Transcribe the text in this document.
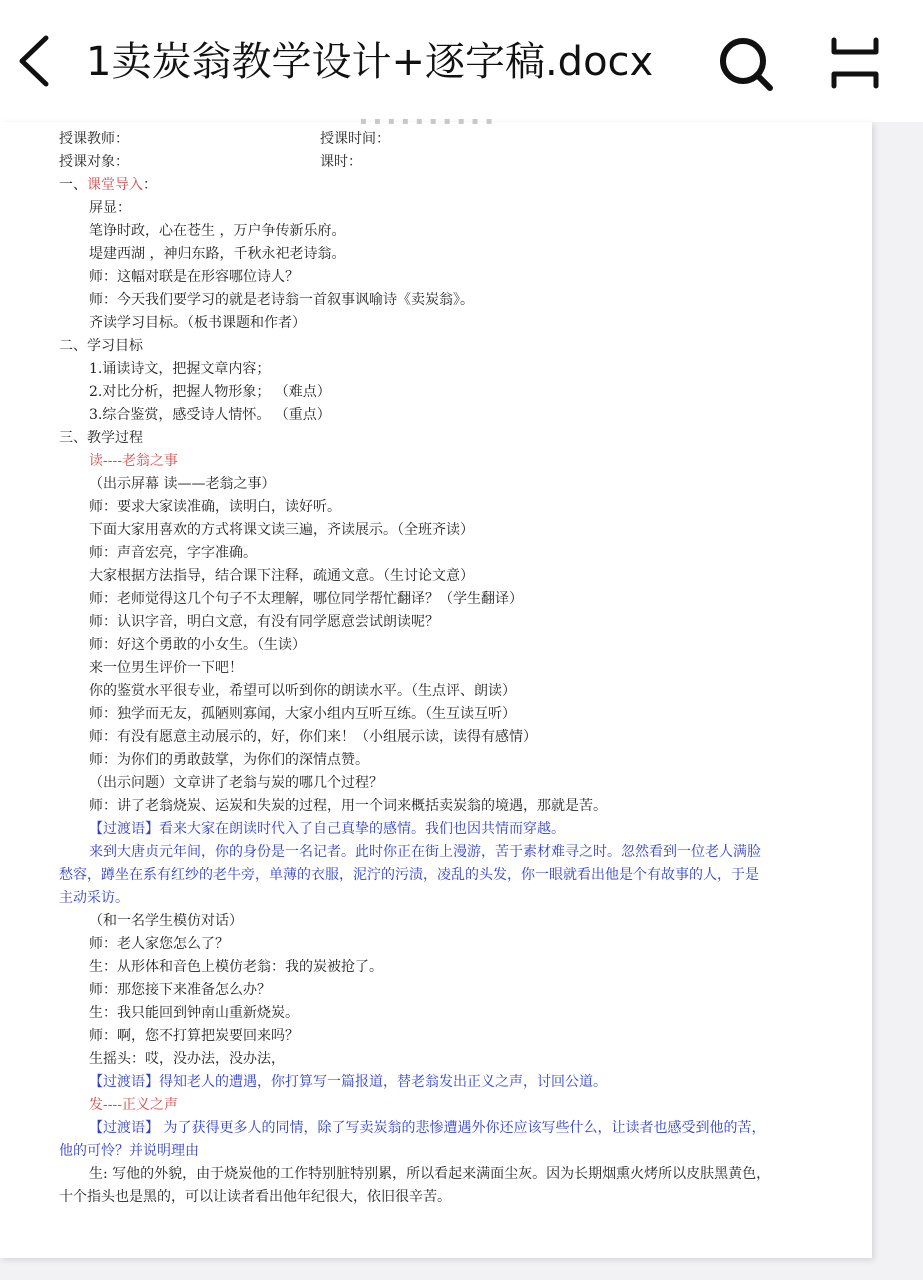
1卖炭翁教学设计+逐字稿.docx
▪ ▪ ▪ ▪ ▪ ▪ ▪ ▪ ▪ ▪
授课教师：	授课时间：
授课对象：	课时：
一、课堂导入：
屏显：
笔诤时政，心在苍生 ，万户争传新乐府。
堤建西湖 ，神归东路，千秋永祀老诗翁。
师：这幅对联是在形容哪位诗人？
师：今天我们要学习的就是老诗翁一首叙事讽喻诗《卖炭翁》。
齐读学习目标。（板书课题和作者）
二、学习目标
1.诵读诗文，把握文章内容；
2.对比分析，把握人物形象； （难点）
3.综合鉴赏，感受诗人情怀。 （重点）
三、教学过程
读----老翁之事
（出示屏幕 读——老翁之事）
师：要求大家读准确，读明白，读好听。
下面大家用喜欢的方式将课文读三遍，齐读展示。（全班齐读）
师：声音宏亮，字字准确。
大家根据方法指导，结合课下注释，疏通文意。（生讨论文意）
师：老师觉得这几个句子不太理解，哪位同学帮忙翻译？（学生翻译）
师：认识字音，明白文意，有没有同学愿意尝试朗读呢？
师：好这个勇敢的小女生。（生读）
来一位男生评价一下吧！
你的鉴赏水平很专业，希望可以听到你的朗读水平。（生点评、朗读）
师：独学而无友，孤陋则寡闻，大家小组内互听互练。（生互读互听）
师：有没有愿意主动展示的，好，你们来！（小组展示读，读得有感情）
师：为你们的勇敢鼓掌，为你们的深情点赞。
（出示问题）文章讲了老翁与炭的哪几个过程？
师：讲了老翁烧炭、运炭和失炭的过程，用一个词来概括卖炭翁的境遇，那就是苦。
【过渡语】看来大家在朗读时代入了自己真挚的感情。我们也因共情而穿越。
来到大唐贞元年间，你的身份是一名记者。此时你正在街上漫游，苦于素材难寻之时。忽然看到一位老人满脸
愁容，蹲坐在系有红纱的老牛旁，单薄的衣服，泥泞的污渍，凌乱的头发，你一眼就看出他是个有故事的人，于是
主动采访。
（和一名学生模仿对话）
师：老人家您怎么了？
生：从形体和音色上模仿老翁：我的炭被抢了。
师：那您接下来准备怎么办？
生：我只能回到钟南山重新烧炭。
师：啊，您不打算把炭要回来吗？
生摇头：哎，没办法，没办法，
【过渡语】得知老人的遭遇，你打算写一篇报道，替老翁发出正义之声，讨回公道。
发----正义之声
【过渡语】 为了获得更多人的同情，除了写卖炭翁的悲惨遭遇外你还应该写些什么，让读者也感受到他的苦，
他的可怜？并说明理由
生: 写他的外貌，由于烧炭他的工作特别脏特别累，所以看起来满面尘灰。因为长期烟熏火烤所以皮肤黑黄色，
十个指头也是黑的，可以让读者看出他年纪很大，依旧很辛苦。
